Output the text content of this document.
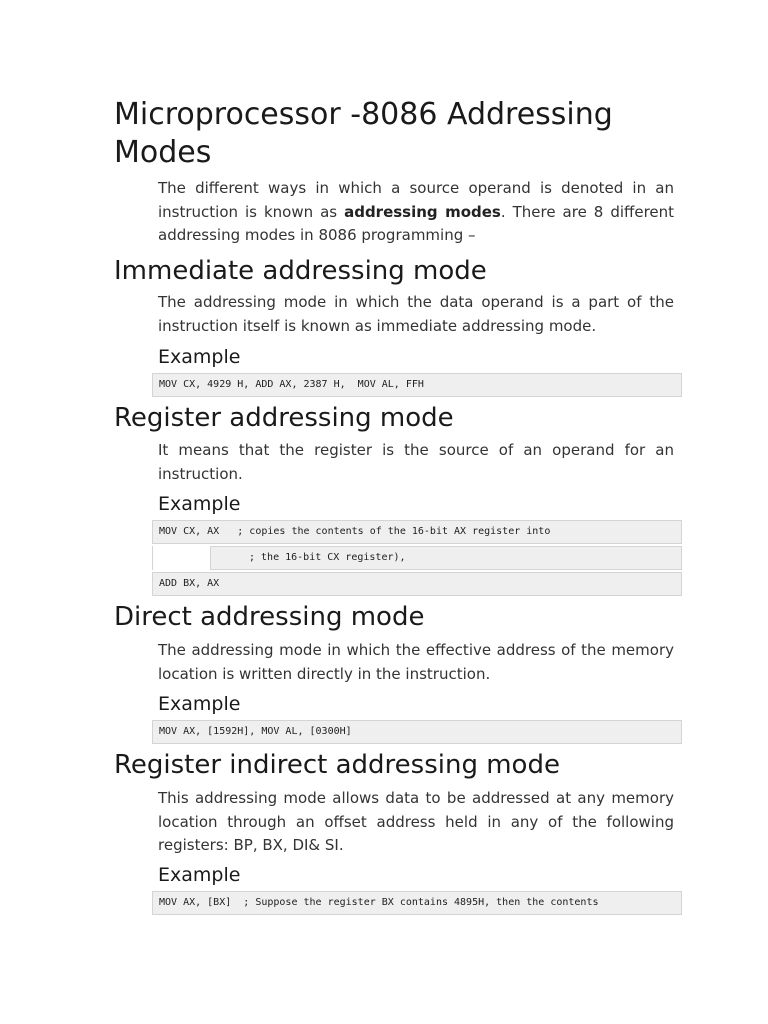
Microprocessor -8086 Addressing Modes

The different ways in which a source operand is denoted in an instruction is known as addressing modes. There are 8 different addressing modes in 8086 programming –

Immediate addressing mode

The addressing mode in which the data operand is a part of the instruction itself is known as immediate addressing mode.

Example
MOV CX, 4929 H, ADD AX, 2387 H,  MOV AL, FFH
Register addressing mode

It means that the register is the source of an operand for an instruction.

Example
MOV CX, AX   ; copies the contents of the 16-bit AX register into
; the 16-bit CX register),
ADD BX, AX
Direct addressing mode

The addressing mode in which the effective address of the memory location is written directly in the instruction.

Example
MOV AX, [1592H], MOV AL, [0300H]
Register indirect addressing mode

This addressing mode allows data to be addressed at any memory location through an offset address held in any of the following registers: BP, BX, DI& SI.

Example
MOV AX, [BX]  ; Suppose the register BX contains 4895H, then the contents
